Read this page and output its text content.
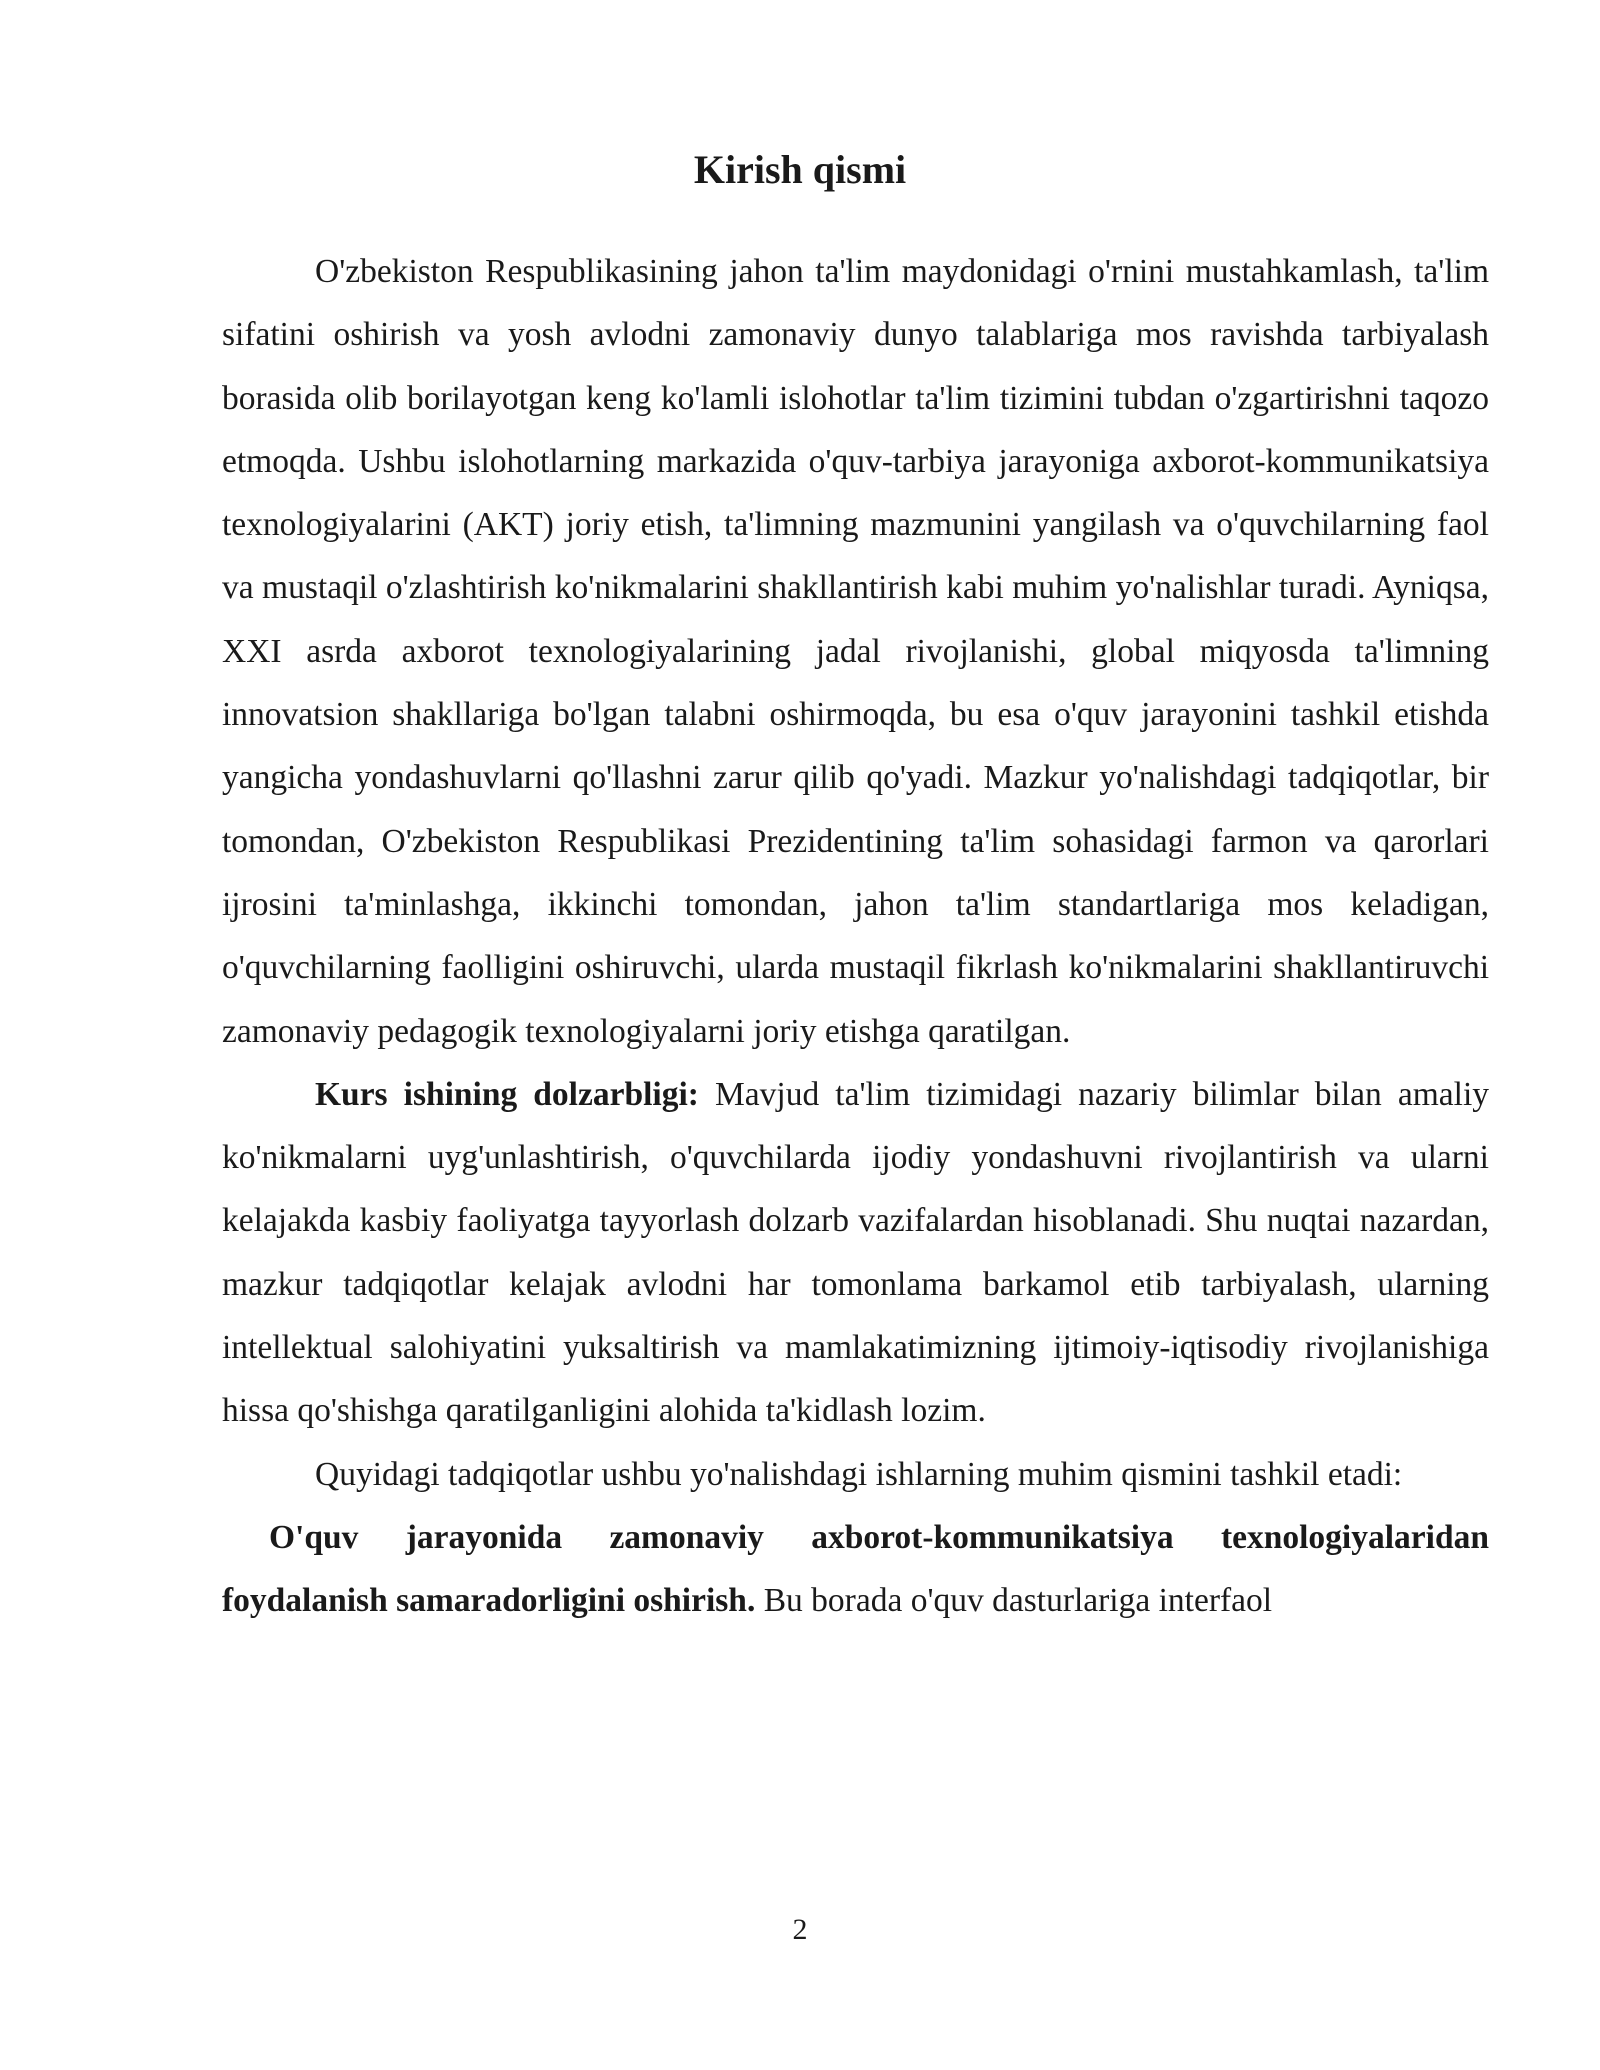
Kirish qismi

O'zbekiston Respublikasining jahon ta'lim maydonidagi o'rnini mustahkamlash, ta'lim sifatini oshirish va yosh avlodni zamonaviy dunyo talablariga mos ravishda tarbiyalash borasida olib borilayotgan keng ko'lamli islohotlar ta'lim tizimini tubdan o'zgartirishni taqozo etmoqda. Ushbu islohotlarning markazida o'quv-tarbiya jarayoniga axborot-kommunikatsiya texnologiyalarini (AKT) joriy etish, ta'limning mazmunini yangilash va o'quvchilarning faol va mustaqil o'zlashtirish ko'nikmalarini shakllantirish kabi muhim yo'nalishlar turadi. Ayniqsa, XXI asrda axborot texnologiyalarining jadal rivojlanishi, global miqyosda ta'limning innovatsion shakllariga bo'lgan talabni oshirmoqda, bu esa o'quv jarayonini tashkil etishda yangicha yondashuvlarni qo'llashni zarur qilib qo'yadi. Mazkur yo'nalishdagi tadqiqotlar, bir tomondan, O'zbekiston Respublikasi Prezidentining ta'lim sohasidagi farmon va qarorlari ijrosini ta'minlashga, ikkinchi tomondan, jahon ta'lim standartlariga mos keladigan, o'quvchilarning faolligini oshiruvchi, ularda mustaqil fikrlash ko'nikmalarini shakllantiruvchi zamonaviy pedagogik texnologiyalarni joriy etishga qaratilgan.

Kurs ishining dolzarbligi: Mavjud ta'lim tizimidagi nazariy bilimlar bilan amaliy ko'nikmalarni uyg'unlashtirish, o'quvchilarda ijodiy yondashuvni rivojlantirish va ularni kelajakda kasbiy faoliyatga tayyorlash dolzarb vazifalardan hisoblanadi. Shu nuqtai nazardan, mazkur tadqiqotlar kelajak avlodni har tomonlama barkamol etib tarbiyalash, ularning intellektual salohiyatini yuksaltirish va mamlakatimizning ijtimoiy-iqtisodiy rivojlanishiga hissa qo'shishga qaratilganligini alohida ta'kidlash lozim.

Quyidagi tadqiqotlar ushbu yo'nalishdagi ishlarning muhim qismini tashkil etadi:

O'quv jarayonida zamonaviy axborot-kommunikatsiya texnologiyalaridan foydalanish samaradorligini oshirish. Bu borada o'quv dasturlariga interfaol

2
